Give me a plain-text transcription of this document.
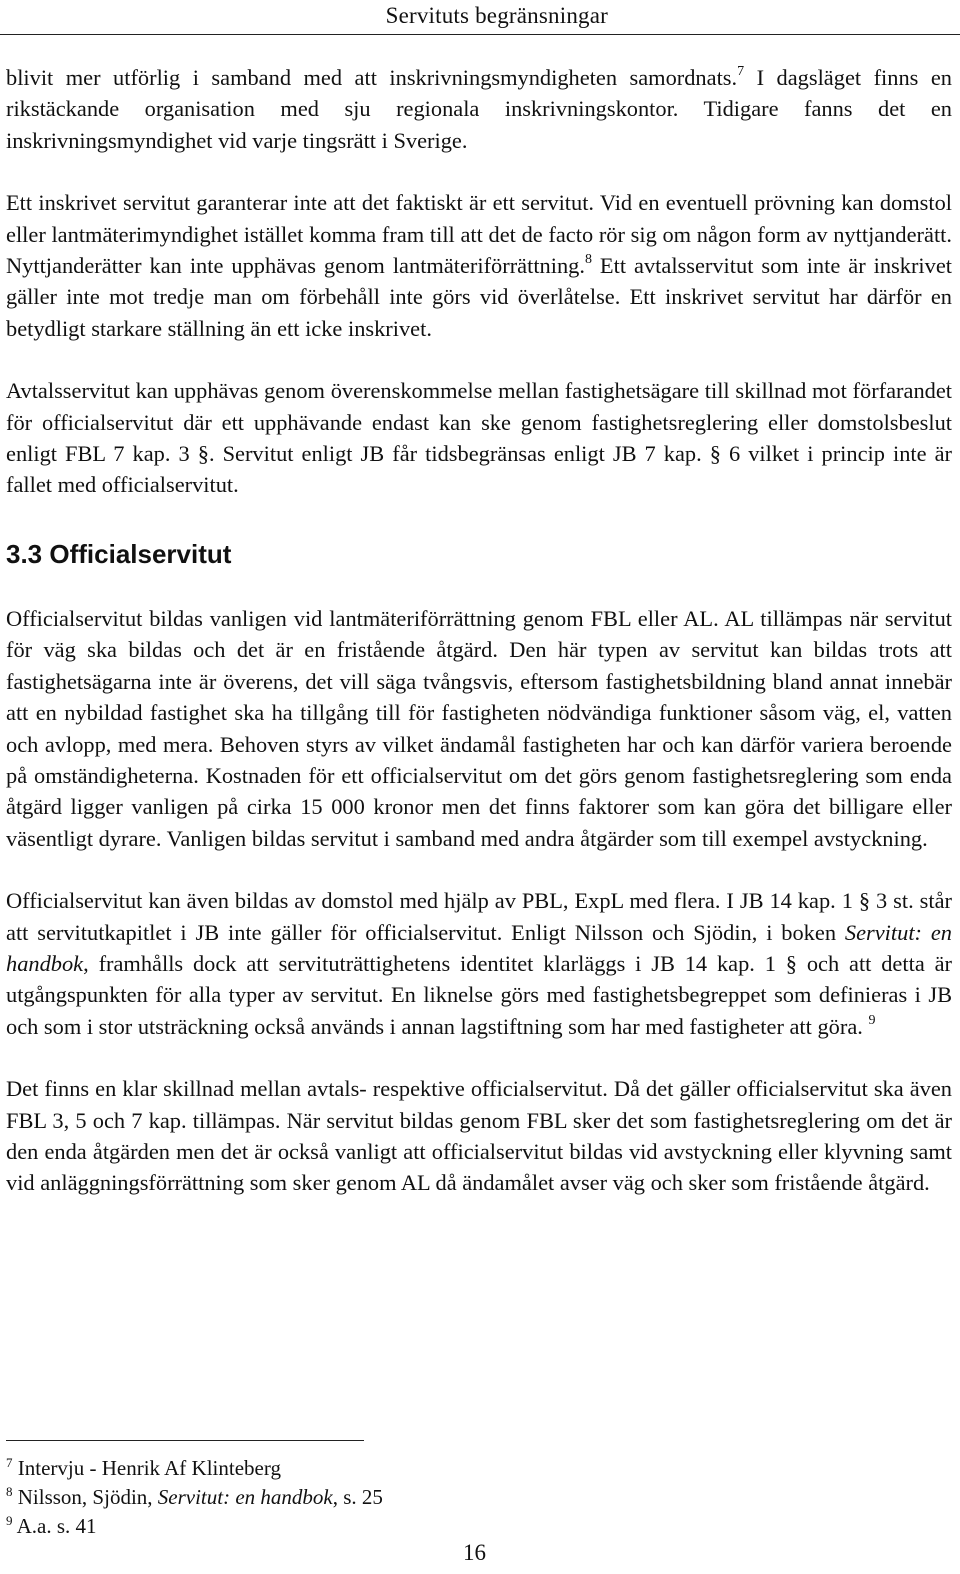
Servituts begränsningar

blivit mer utförlig i samband med att inskrivningsmyndigheten samordnats.$^7$ I dagsläget finns en rikstäckande organisation med sju regionala inskrivningskontor. Tidigare fanns det en inskrivningsmyndighet vid varje tingsrätt i Sverige.

Ett inskrivet servitut garanterar inte att det faktiskt är ett servitut. Vid en eventuell prövning kan domstol eller lantmäterimyndighet istället komma fram till att det de facto rör sig om någon form av nyttjanderätt. Nyttjanderätter kan inte upphävas genom lantmäteriförrättning.$^8$ Ett avtalsservitut som inte är inskrivet gäller inte mot tredje man om förbehåll inte görs vid överlåtelse. Ett inskrivet servitut har därför en betydligt starkare ställning än ett icke inskrivet.

Avtalsservitut kan upphävas genom överenskommelse mellan fastighetsägare till skillnad mot förfarandet för officialservitut där ett upphävande endast kan ske genom fastighetsreglering eller domstolsbeslut enligt FBL 7 kap. 3 §. Servitut enligt JB får tidsbegränsas enligt JB 7 kap. § 6 vilket i princip inte är fallet med officialservitut.

3.3 Officialservitut

Officialservitut bildas vanligen vid lantmäteriförrättning genom FBL eller AL. AL tillämpas när servitut för väg ska bildas och det är en fristående åtgärd. Den här typen av servitut kan bildas trots att fastighetsägarna inte är överens, det vill säga tvångsvis, eftersom fastighetsbildning bland annat innebär att en nybildad fastighet ska ha tillgång till för fastigheten nödvändiga funktioner såsom väg, el, vatten och avlopp, med mera. Behoven styrs av vilket ändamål fastigheten har och kan därför variera beroende på omständigheterna. Kostnaden för ett officialservitut om det görs genom fastighetsreglering som enda åtgärd ligger vanligen på cirka 15 000 kronor men det finns faktorer som kan göra det billigare eller väsentligt dyrare. Vanligen bildas servitut i samband med andra åtgärder som till exempel avstyckning.

Officialservitut kan även bildas av domstol med hjälp av PBL, ExpL med flera. I JB 14 kap. 1 § 3 st. står att servitutkapitlet i JB inte gäller för officialservitut. Enligt Nilsson och Sjödin, i boken Servitut: en handbok, framhålls dock att servituträttighetens identitet klarläggs i JB 14 kap. 1 § och att detta är utgångspunkten för alla typer av servitut. En liknelse görs med fastighetsbegreppet som definieras i JB och som i stor utsträckning också används i annan lagstiftning som har med fastigheter att göra. $^9$

Det finns en klar skillnad mellan avtals- respektive officialservitut. Då det gäller officialservitut ska även FBL 3, 5 och 7 kap. tillämpas. När servitut bildas genom FBL sker det som fastighetsreglering om det är den enda åtgärden men det är också vanligt att officialservitut bildas vid avstyckning eller klyvning samt vid anläggningsförrättning som sker genom AL då ändamålet avser väg och sker som fristående åtgärd.

$^7$ Intervju - Henrik Af Klinteberg
$^8$ Nilsson, Sjödin, Servitut: en handbok, s. 25
$^9$ A.a. s. 41
16
